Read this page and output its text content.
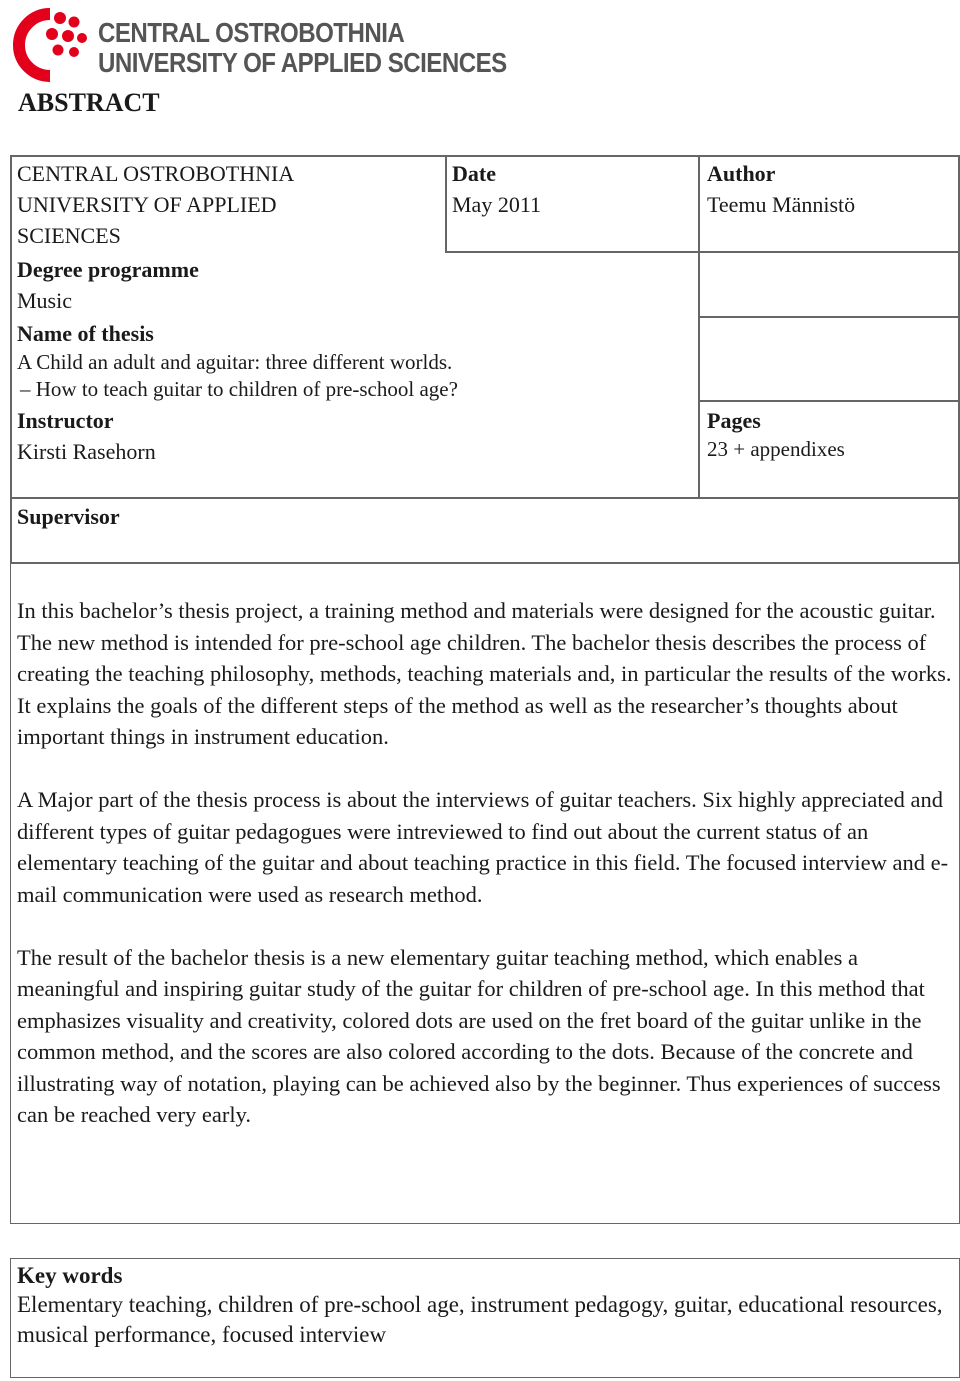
CENTRAL OSTROBOTHNIA
UNIVERSITY OF APPLIED SCIENCES
ABSTRACT
CENTRAL OSTROBOTHNIA
UNIVERSITY OF APPLIED
SCIENCES
Date
May 2011
Author
Teemu Männistö
Degree programme
Music
Name of thesis
A Child an adult and aguitar: three different worlds.
– How to teach guitar to children of pre-school age?
Instructor
Kirsti Rasehorn
Pages
23 + appendixes
Supervisor

In this bachelor’s thesis project, a training method and materials were designed for the acoustic guitar. The new method is intended for pre-school age children. The bachelor thesis describes the process of creating the teaching philosophy, methods, teaching materials and, in particular the results of the works. It explains the goals of the different steps of the method as well as the researcher’s thoughts about important things in instrument education.

A Major part of the thesis process is about the interviews of guitar teachers. Six highly appreciated and different types of guitar pedagogues were intreviewed to find out about the current status of an elementary teaching of the guitar and about teaching practice in this field. The focused interview and e-mail communication were used as research method.

The result of the bachelor thesis is a new elementary guitar teaching method, which enables a meaningful and inspiring guitar study of the guitar for children of pre-school age. In this method that emphasizes visuality and creativity, colored dots are used on the fret board of the guitar unlike in the common method, and the scores are also colored according to the dots. Because of the concrete and illustrating way of notation, playing can be achieved also by the beginner. Thus experiences of success can be reached very early.

Key words
Elementary teaching, children of pre-school age, instrument pedagogy, guitar, educational resources, musical performance, focused interview
